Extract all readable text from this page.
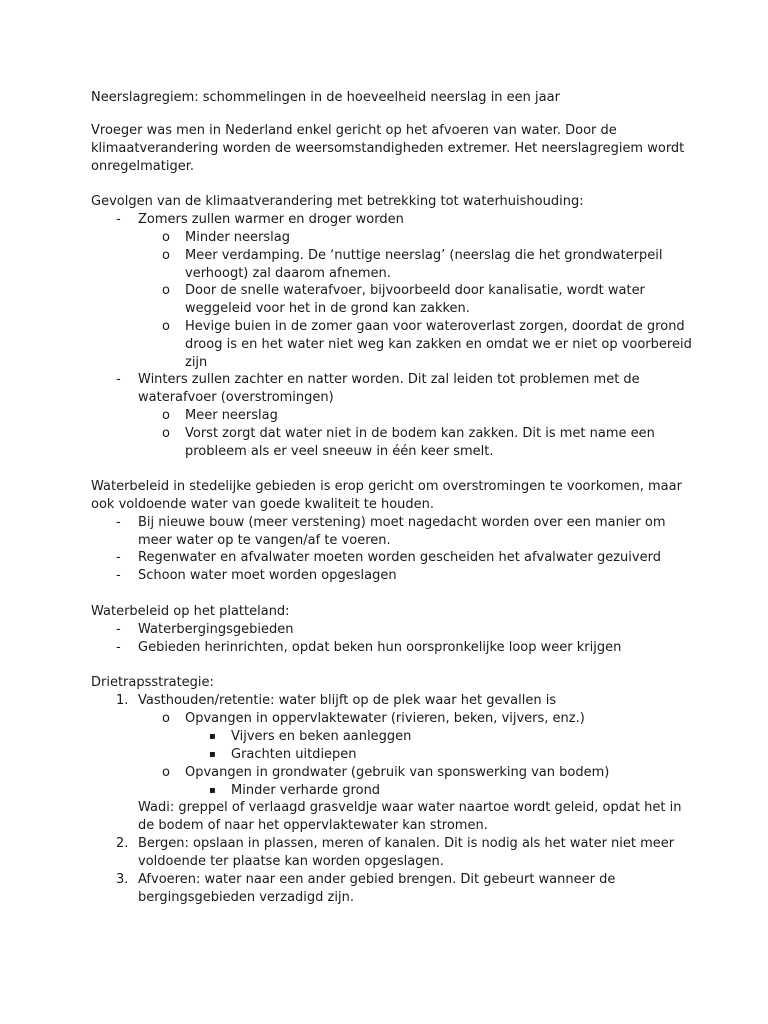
Neerslagregiem: schommelingen in de hoeveelheid neerslag in een jaar
Vroeger was men in Nederland enkel gericht op het afvoeren van water. Door de
klimaatverandering worden de weersomstandigheden extremer. Het neerslagregiem wordt
onregelmatiger.
Gevolgen van de klimaatverandering met betrekking tot waterhuishouding:
- Zomers zullen warmer en droger worden
o Minder neerslag
o Meer verdamping. De ‘nuttige neerslag’ (neerslag die het grondwaterpeil
verhoogt) zal daarom afnemen.
o Door de snelle waterafvoer, bijvoorbeeld door kanalisatie, wordt water
weggeleid voor het in de grond kan zakken.
o Hevige buien in de zomer gaan voor wateroverlast zorgen, doordat de grond
droog is en het water niet weg kan zakken en omdat we er niet op voorbereid
zijn
- Winters zullen zachter en natter worden. Dit zal leiden tot problemen met de
waterafvoer (overstromingen)
o Meer neerslag
o Vorst zorgt dat water niet in de bodem kan zakken. Dit is met name een
probleem als er veel sneeuw in één keer smelt.
Waterbeleid in stedelijke gebieden is erop gericht om overstromingen te voorkomen, maar
ook voldoende water van goede kwaliteit te houden.
- Bij nieuwe bouw (meer verstening) moet nagedacht worden over een manier om
meer water op te vangen/af te voeren.
- Regenwater en afvalwater moeten worden gescheiden het afvalwater gezuiverd
- Schoon water moet worden opgeslagen
Waterbeleid op het platteland:
- Waterbergingsgebieden
- Gebieden herinrichten, opdat beken hun oorspronkelijke loop weer krijgen
Drietrapsstrategie:
1. Vasthouden/retentie: water blijft op de plek waar het gevallen is
o Opvangen in oppervlaktewater (rivieren, beken, vijvers, enz.)
▪ Vijvers en beken aanleggen
▪ Grachten uitdiepen
o Opvangen in grondwater (gebruik van sponswerking van bodem)
▪ Minder verharde grond
Wadi: greppel of verlaagd grasveldje waar water naartoe wordt geleid, opdat het in
de bodem of naar het oppervlaktewater kan stromen.
2. Bergen: opslaan in plassen, meren of kanalen. Dit is nodig als het water niet meer
voldoende ter plaatse kan worden opgeslagen.
3. Afvoeren: water naar een ander gebied brengen. Dit gebeurt wanneer de
bergingsgebieden verzadigd zijn.
